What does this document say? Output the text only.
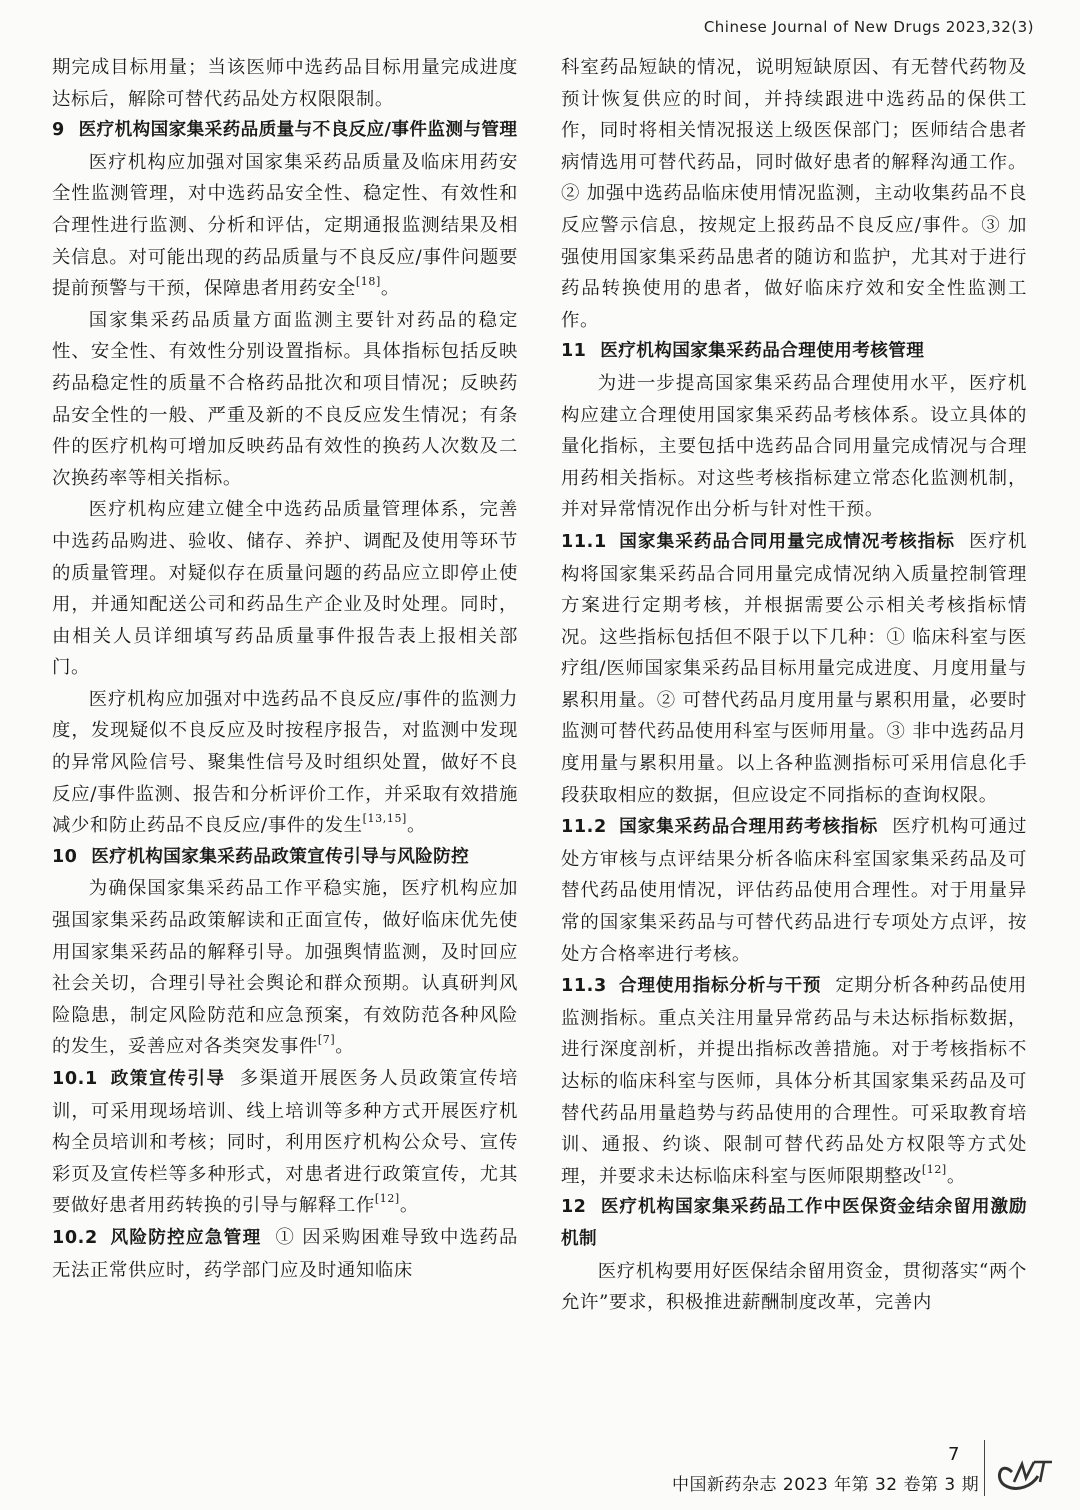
Chinese Journal of New Drugs 2023,32(3)

期完成目标用量；当该医师中选药品目标用量完成进度达标后，解除可替代药品处方权限限制。

9 医疗机构国家集采药品质量与不良反应/事件监测与管理

医疗机构应加强对国家集采药品质量及临床用药安全性监测管理，对中选药品安全性、稳定性、有效性和合理性进行监测、分析和评估，定期通报监测结果及相关信息。对可能出现的药品质量与不良反应/事件问题要提前预警与干预，保障患者用药安全[18]。

国家集采药品质量方面监测主要针对药品的稳定性、安全性、有效性分别设置指标。具体指标包括反映药品稳定性的质量不合格药品批次和项目情况；反映药品安全性的一般、严重及新的不良反应发生情况；有条件的医疗机构可增加反映药品有效性的换药人次数及二次换药率等相关指标。

医疗机构应建立健全中选药品质量管理体系，完善中选药品购进、验收、储存、养护、调配及使用等环节的质量管理。对疑似存在质量问题的药品应立即停止使用，并通知配送公司和药品生产企业及时处理。同时，由相关人员详细填写药品质量事件报告表上报相关部门。

医疗机构应加强对中选药品不良反应/事件的监测力度，发现疑似不良反应及时按程序报告，对监测中发现的异常风险信号、聚集性信号及时组织处置，做好不良反应/事件监测、报告和分析评价工作，并采取有效措施减少和防止药品不良反应/事件的发生[13,15]。

10 医疗机构国家集采药品政策宣传引导与风险防控

为确保国家集采药品工作平稳实施，医疗机构应加强国家集采药品政策解读和正面宣传，做好临床优先使用国家集采药品的解释引导。加强舆情监测，及时回应社会关切，合理引导社会舆论和群众预期。认真研判风险隐患，制定风险防范和应急预案，有效防范各种风险的发生，妥善应对各类突发事件[7]。

10.1 政策宣传引导 多渠道开展医务人员政策宣传培训，可采用现场培训、线上培训等多种方式开展医疗机构全员培训和考核；同时，利用医疗机构公众号、宣传彩页及宣传栏等多种形式，对患者进行政策宣传，尤其要做好患者用药转换的引导与解释工作[12]。

10.2 风险防控应急管理 ① 因采购困难导致中选药品无法正常供应时，药学部门应及时通知临床

科室药品短缺的情况，说明短缺原因、有无替代药物及预计恢复供应的时间，并持续跟进中选药品的保供工作，同时将相关情况报送上级医保部门；医师结合患者病情选用可替代药品，同时做好患者的解释沟通工作。② 加强中选药品临床使用情况监测，主动收集药品不良反应警示信息，按规定上报药品不良反应/事件。③ 加强使用国家集采药品患者的随访和监护，尤其对于进行药品转换使用的患者，做好临床疗效和安全性监测工作。

11 医疗机构国家集采药品合理使用考核管理

为进一步提高国家集采药品合理使用水平，医疗机构应建立合理使用国家集采药品考核体系。设立具体的量化指标，主要包括中选药品合同用量完成情况与合理用药相关指标。对这些考核指标建立常态化监测机制，并对异常情况作出分析与针对性干预。

11.1 国家集采药品合同用量完成情况考核指标 医疗机构将国家集采药品合同用量完成情况纳入质量控制管理方案进行定期考核，并根据需要公示相关考核指标情况。这些指标包括但不限于以下几种：① 临床科室与医疗组/医师国家集采药品目标用量完成进度、月度用量与累积用量。② 可替代药品月度用量与累积用量，必要时监测可替代药品使用科室与医师用量。③ 非中选药品月度用量与累积用量。以上各种监测指标可采用信息化手段获取相应的数据，但应设定不同指标的查询权限。

11.2 国家集采药品合理用药考核指标 医疗机构可通过处方审核与点评结果分析各临床科室国家集采药品及可替代药品使用情况，评估药品使用合理性。对于用量异常的国家集采药品与可替代药品进行专项处方点评，按处方合格率进行考核。

11.3 合理使用指标分析与干预 定期分析各种药品使用监测指标。重点关注用量异常药品与未达标指标数据，进行深度剖析，并提出指标改善措施。对于考核指标不达标的临床科室与医师，具体分析其国家集采药品及可替代药品用量趋势与药品使用的合理性。可采取教育培训、通报、约谈、限制可替代药品处方权限等方式处理，并要求未达标临床科室与医师限期整改[12]。

12 医疗机构国家集采药品工作中医保资金结余留用激励机制

医疗机构要用好医保结余留用资金，贯彻落实“两个允许”要求，积极推进薪酬制度改革，完善内

7
中国新药杂志 2023 年第 32 卷第 3 期
